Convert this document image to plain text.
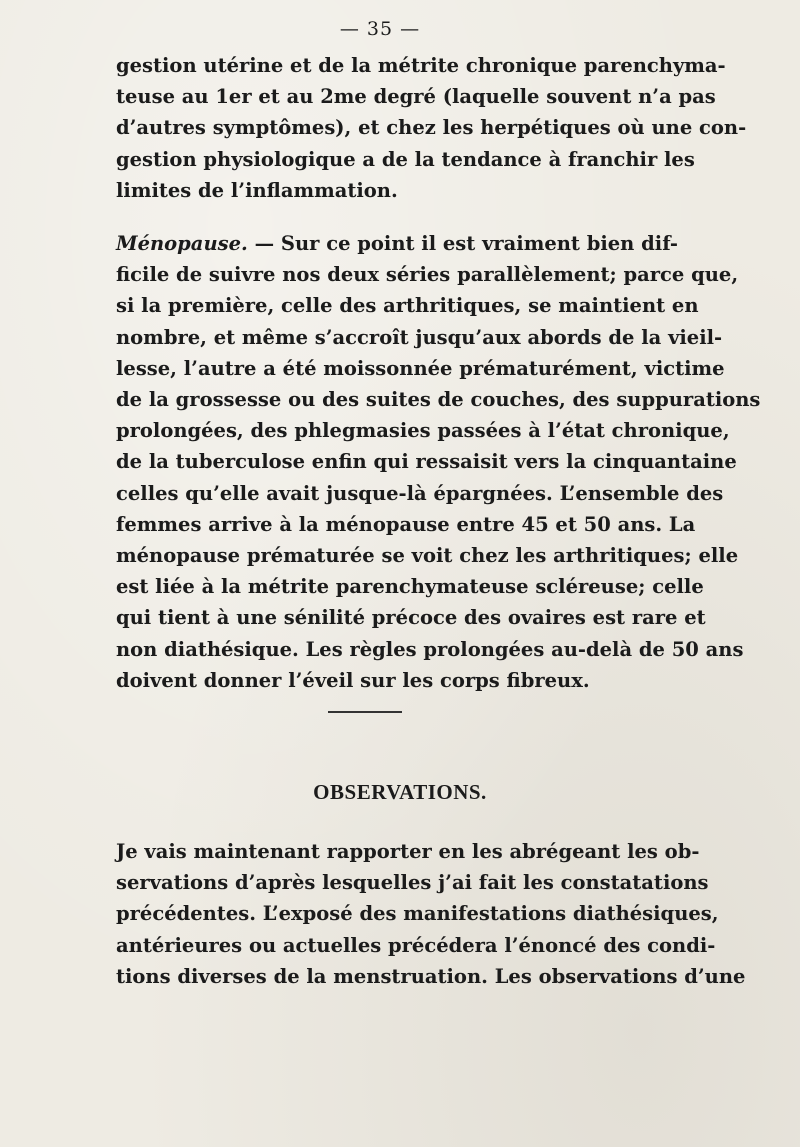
— 35 —

gestion utérine et de la métrite chronique parenchyma-
teuse au 1er et au 2me degré (laquelle souvent n’a pas
d’autres symptômes), et chez les herpétiques où une con-
gestion physiologique a de la tendance à franchir les
limites de l’inflammation.

Ménopause. — Sur ce point il est vraiment bien dif-
ficile de suivre nos deux séries parallèlement; parce que,
si la première, celle des arthritiques, se maintient en
nombre, et même s’accroît jusqu’aux abords de la vieil-
lesse, l’autre a été moissonnée prématurément, victime
de la grossesse ou des suites de couches, des suppurations
prolongées, des phlegmasies passées à l’état chronique,
de la tuberculose enfin qui ressaisit vers la cinquantaine
celles qu’elle avait jusque-là épargnées. L’ensemble des
femmes arrive à la ménopause entre 45 et 50 ans. La
ménopause prématurée se voit chez les arthritiques; elle
est liée à la métrite parenchymateuse scléreuse; celle
qui tient à une sénilité précoce des ovaires est rare et
non diathésique. Les règles prolongées au-delà de 50 ans
doivent donner l’éveil sur les corps fibreux.

OBSERVATIONS.

Je vais maintenant rapporter en les abrégeant les ob-
servations d’après lesquelles j’ai fait les constatations
précédentes. L’exposé des manifestations diathésiques,
antérieures ou actuelles précédera l’énoncé des condi-
tions diverses de la menstruation. Les observations d’une
